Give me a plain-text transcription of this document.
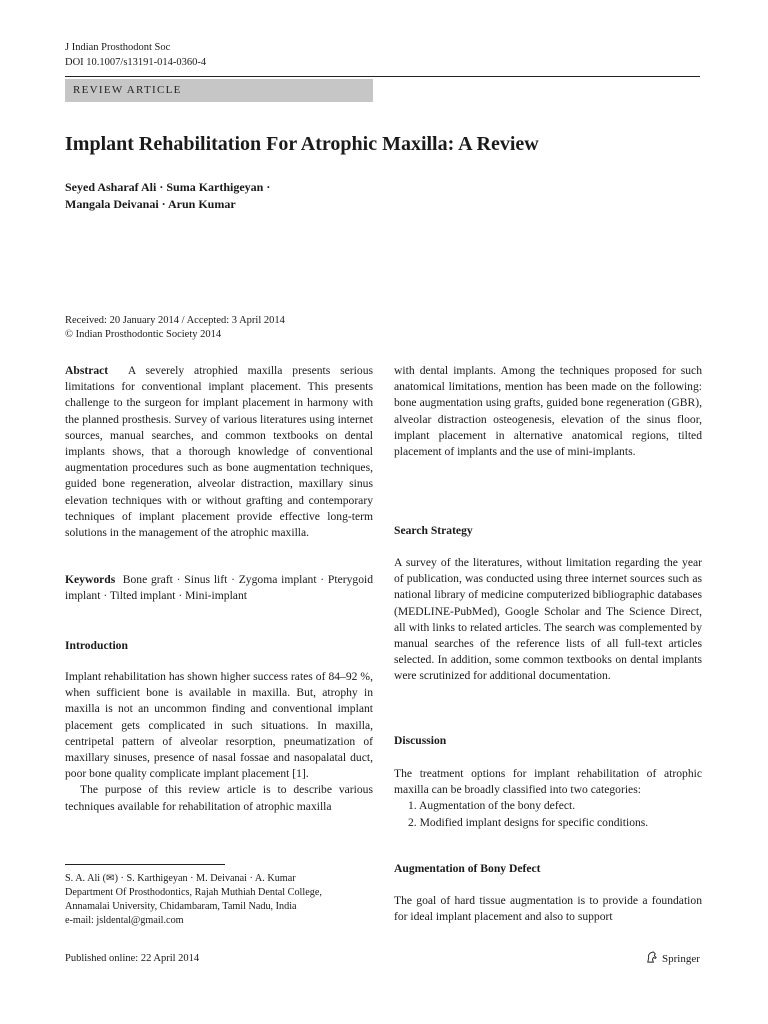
J Indian Prosthodont Soc
DOI 10.1007/s13191-014-0360-4
REVIEW ARTICLE
Implant Rehabilitation For Atrophic Maxilla: A Review
Seyed Asharaf Ali · Suma Karthigeyan ·
Mangala Deivanai · Arun Kumar
Received: 20 January 2014 / Accepted: 3 April 2014
© Indian Prosthodontic Society 2014

Abstract A severely atrophied maxilla presents serious limitations for conventional implant placement. This presents challenge to the surgeon for implant placement in harmony with the planned prosthesis. Survey of various literatures using internet sources, manual searches, and common textbooks on dental implants shows, that a thorough knowledge of conventional augmentation procedures such as bone augmentation techniques, guided bone regeneration, alveolar distraction, maxillary sinus elevation techniques with or without grafting and contemporary techniques of implant placement provide effective long-term solutions in the management of the atrophic maxilla.

Keywords Bone graft · Sinus lift · Zygoma implant · Pterygoid implant · Tilted implant · Mini-implant

Introduction

Implant rehabilitation has shown higher success rates of 84–92 %, when sufficient bone is available in maxilla. But, atrophy in maxilla is not an uncommon finding and conventional implant placement gets complicated in such situations. In maxilla, centripetal pattern of alveolar resorption, pneumatization of maxillary sinuses, presence of nasal fossae and nasopalatal duct, poor bone quality complicate implant placement [1].

The purpose of this review article is to describe various techniques available for rehabilitation of atrophic maxilla

S. A. Ali (✉) · S. Karthigeyan · M. Deivanai · A. Kumar
Department Of Prosthodontics, Rajah Muthiah Dental College,
Annamalai University, Chidambaram, Tamil Nadu, India
e-mail: jsldental@gmail.com

with dental implants. Among the techniques proposed for such anatomical limitations, mention has been made on the following: bone augmentation using grafts, guided bone regeneration (GBR), alveolar distraction osteogenesis, elevation of the sinus floor, implant placement in alternative anatomical regions, tilted placement of implants and the use of mini-implants.

Search Strategy

A survey of the literatures, without limitation regarding the year of publication, was conducted using three internet sources such as national library of medicine computerized bibliographic databases (MEDLINE-PubMed), Google Scholar and The Science Direct, all with links to related articles. The search was complemented by manual searches of the reference lists of all full-text articles selected. In addition, some common textbooks on dental implants were scrutinized for additional documentation.

Discussion

The treatment options for implant rehabilitation of atrophic maxilla can be broadly classified into two categories:

1. Augmentation of the bony defect.
2. Modified implant designs for specific conditions.
Augmentation of Bony Defect

The goal of hard tissue augmentation is to provide a foundation for ideal implant placement and also to support

Published online: 22 April 2014	Springer
